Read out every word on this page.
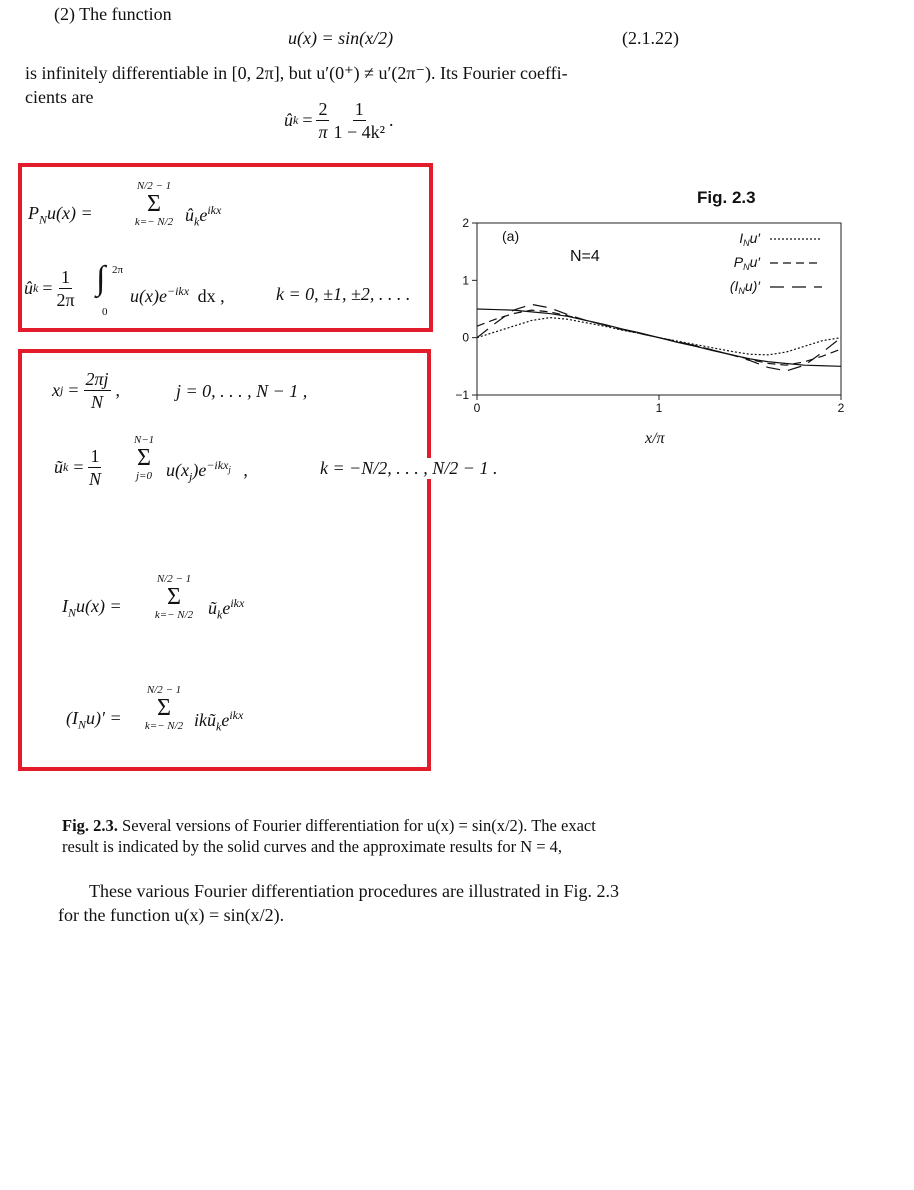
(2) The function
u(x) = sin(x/2)	(2.1.22)
is infinitely differentiable in [0, 2π], but u′(0⁺) ≠ u′(2π⁻). Its Fourier coeffi-
cients are
û $k = \frac{2}{\pi} \frac{1}{\text{1 − 4k²}}$ .
$P_Nu(x)$ =
N/2 − 1
Σ
k=− N/2 $û_ke^{ikx}$
û $k = \frac{1}{2\pi}$ ∫ 2π
0
$u(x)e^{-ikx}$ dx ,	k = 0, ±1, ±2, . . . .
x $j = \frac{2\pi j}{N}$ ,	j = 0, . . . , N − 1 ,
ũ $k = \frac{1}{N}$
N−1
Σ
j=0 $u(x_j)e^{-ikx_j}$ ,	k = −N/2, . . . , N/2 − 1 .
$I_Nu(x)$ =
N/2 − 1
Σ
k=− N/2 $ũ_ke^{ikx}$
$(I_Nu)'$ =
N/2 − 1
Σ
k=− N/2 $ikũ_ke^{ikx}$
Fig. 2.3
2
1
0
−1
0	1	2
(a)
N=4
$I_Nu'$
$P_Nu'$
$(I_Nu)'$
x/π
Fig. 2.3. Several versions of Fourier differentiation for u(x) = sin(x/2). The exact
result is indicated by the solid curves and the approximate results for N = 4,
These various Fourier differentiation procedures are illustrated in Fig. 2.3
for the function u(x) = sin(x/2).
